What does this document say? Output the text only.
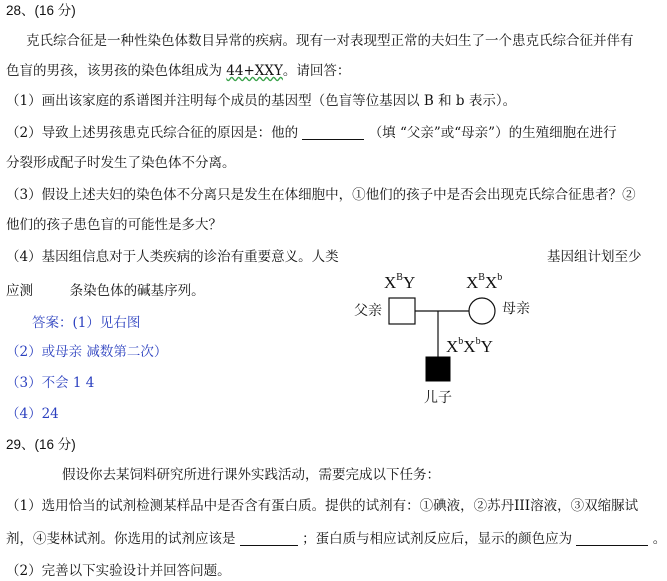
28、(16 分)
克氏综合征是一种性染色体数目异常的疾病。现有一对表现型正常的夫妇生了一个患克氏综合征并伴有
色盲的男孩，该男孩的染色体组成为 44+XXY。请回答：
（1）画出该家庭的系谱图并注明每个成员的基因型（色盲等位基因以 B 和 b 表示）。
（2）导致上述男孩患克氏综合征的原因是：他的	（填 “父亲”或“母亲”）的生殖细胞在进行
分裂形成配子时发生了染色体不分离。
（3）假设上述夫妇的染色体不分离只是发生在体细胞中，①他们的孩子中是否会出现克氏综合征患者？②
他们的孩子患色盲的可能性是多大？
（4）基因组信息对于人类疾病的诊治有重要意义。人类	基因组计划至少
应测	条染色体的碱基序列。
答案：(1）见右图
（2）或母亲 减数第二次）
（3）不会 1 4
（4）24
$X^BY$	$X^BX^b$
父亲	母亲
$X^bX^bY$
儿子
29、(16 分)
假设你去某饲料研究所进行课外实践活动，需要完成以下任务：
（1）选用恰当的试剂检测某样品中是否含有蛋白质。提供的试剂有：①碘液，②苏丹III溶液，③双缩脲试
剂，④斐林试剂。你选用的试剂应该是	；蛋白质与相应试剂反应后，显示的颜色应为	。
（2）完善以下实验设计并回答问题。
